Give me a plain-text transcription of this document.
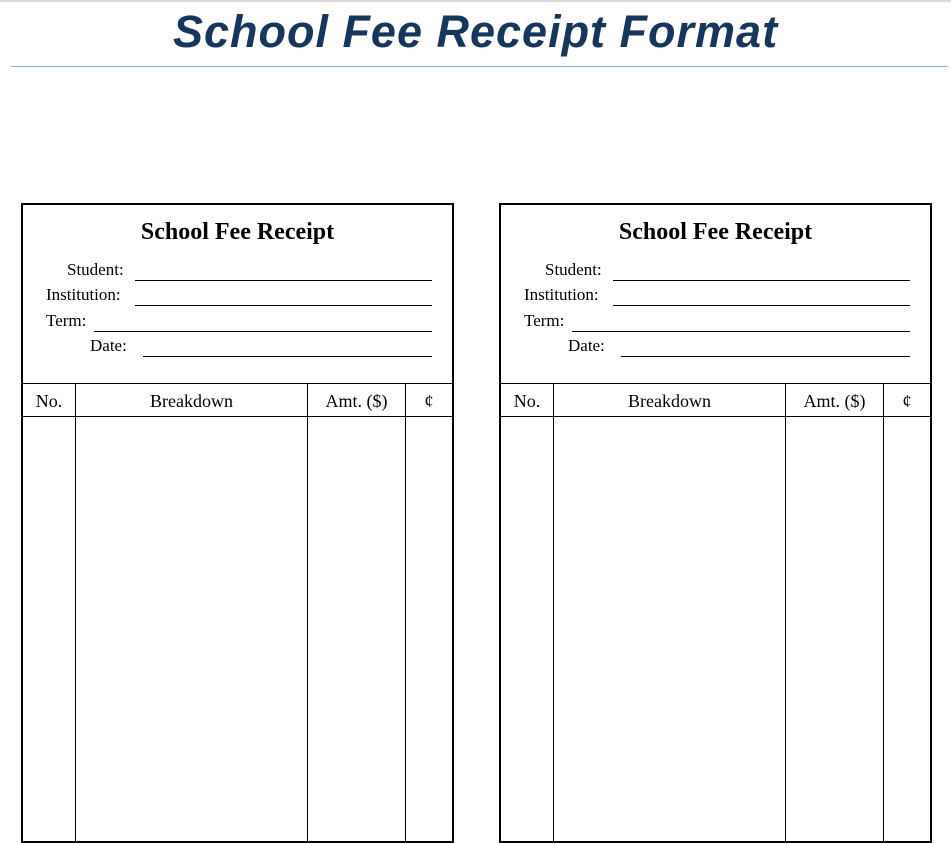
School Fee Receipt Format
School Fee Receipt
Student:
Institution:
Term:
Date:
No.	Breakdown	Amt. ($)	¢
School Fee Receipt
Student:
Institution:
Term:
Date:
No.	Breakdown	Amt. ($)	¢
